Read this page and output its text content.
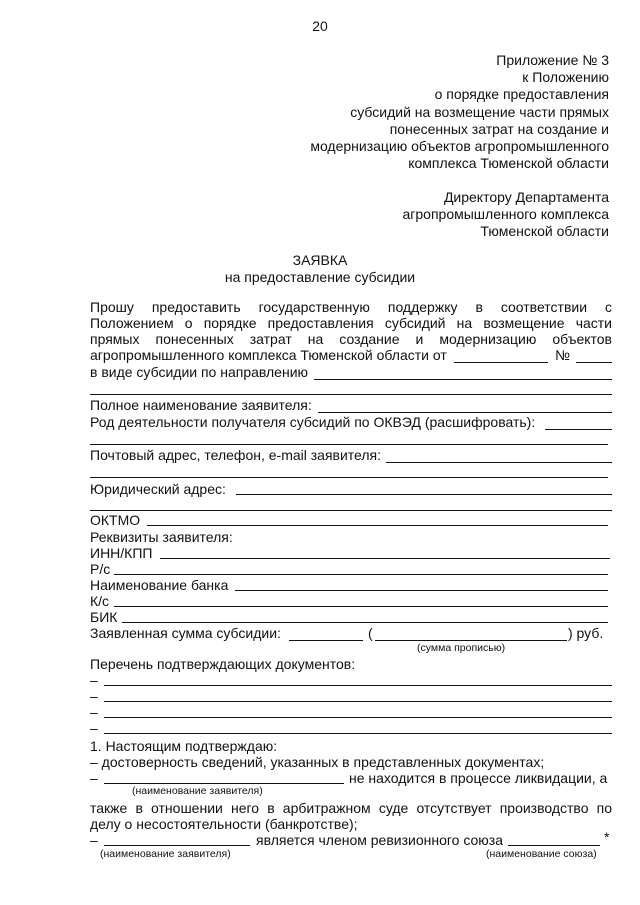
20
Приложение № 3
к Положению
о порядке предоставления
субсидий на возмещение части прямых
понесенных затрат на создание и
модернизацию объектов агропромышленного
комплекса Тюменской области
Директору Департамента
агропромышленного комплекса
Тюменской области
ЗАЯВКА
на предоставление субсидии
Прошу предоставить государственную поддержку в соответствии с
Положением о порядке предоставления субсидий на возмещение части
прямых понесенных затрат на создание и модернизацию объектов
агропромышленного комплекса Тюменской области от	№
в виде субсидии по направлению
Полное наименование заявителя:
Род деятельности получателя субсидий по ОКВЭД (расшифровать):
Почтовый адрес, телефон, e-mail заявителя:
Юридический адрес:
ОКТМО
Реквизиты заявителя:
ИНН/КПП
Р/с
Наименование банка
К/с
БИК
Заявленная сумма субсидии:	(	) руб.
(сумма прописью)
Перечень подтверждающих документов:
–
–
–
–
1. Настоящим подтверждаю:
– достоверность сведений, указанных в представленных документах;
–	не находится в процессе ликвидации, а
(наименование заявителя)
также в отношении него в арбитражном суде отсутствует производство по
делу о несостоятельности (банкротстве);
–	является членом ревизионного союза	*
(наименование заявителя)	(наименование союза)
